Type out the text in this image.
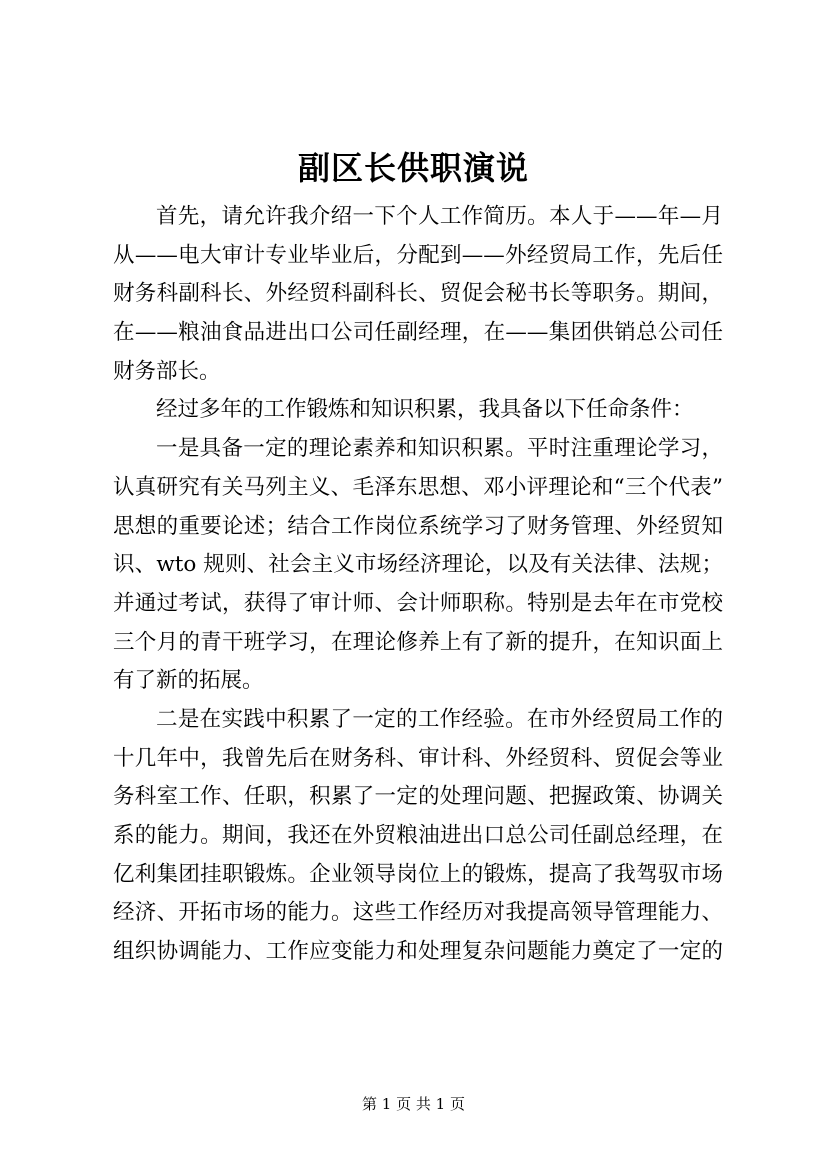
副区长供职演说
首先，请允许我介绍一下个人工作简历。本人于——年—月
从——电大审计专业毕业后，分配到——外经贸局工作，先后任
财务科副科长、外经贸科副科长、贸促会秘书长等职务。期间，
在——粮油食品进出口公司任副经理，在——集团供销总公司任
财务部长。
经过多年的工作锻炼和知识积累，我具备以下任命条件：
一是具备一定的理论素养和知识积累。平时注重理论学习，
认真研究有关马列主义、毛泽东思想、邓小评理论和“三个代表”
思想的重要论述；结合工作岗位系统学习了财务管理、外经贸知
识、wto 规则、社会主义市场经济理论，以及有关法律、法规；
并通过考试，获得了审计师、会计师职称。特别是去年在市党校
三个月的青干班学习，在理论修养上有了新的提升，在知识面上
有了新的拓展。
二是在实践中积累了一定的工作经验。在市外经贸局工作的
十几年中，我曾先后在财务科、审计科、外经贸科、贸促会等业
务科室工作、任职，积累了一定的处理问题、把握政策、协调关
系的能力。期间，我还在外贸粮油进出口总公司任副总经理，在
亿利集团挂职锻炼。企业领导岗位上的锻炼，提高了我驾驭市场
经济、开拓市场的能力。这些工作经历对我提高领导管理能力、
组织协调能力、工作应变能力和处理复杂问题能力奠定了一定的
第 1 页 共 1 页
